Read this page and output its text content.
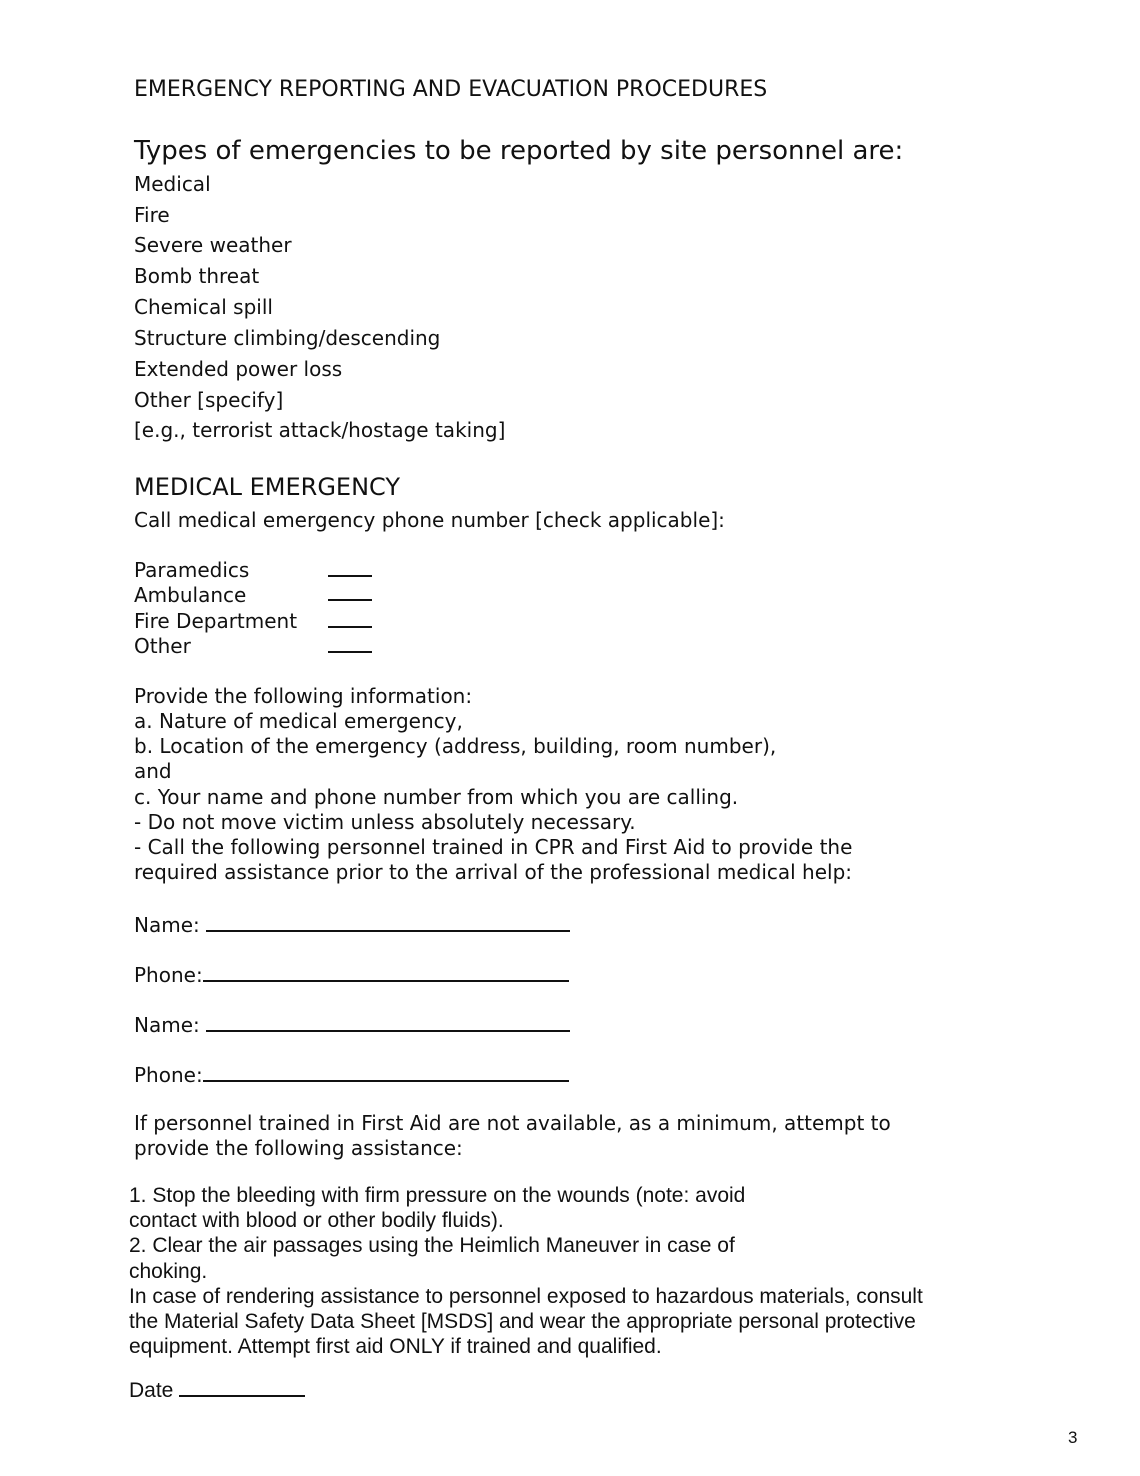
EMERGENCY REPORTING AND EVACUATION PROCEDURES
Types of emergencies to be reported by site personnel are:
Medical
Fire
Severe weather
Bomb threat
Chemical spill
Structure climbing/descending
Extended power loss
Other [specify]
[e.g., terrorist attack/hostage taking]
MEDICAL EMERGENCY
Call medical emergency phone number [check applicable]:
Paramedics
Ambulance
Fire Department
Other
Provide the following information:
a. Nature of medical emergency,
b. Location of the emergency (address, building, room number),
and
c. Your name and phone number from which you are calling.
- Do not move victim unless absolutely necessary.
- Call the following personnel trained in CPR and First Aid to provide the
required assistance prior to the arrival of the professional medical help:
Name:
Phone:
Name:
Phone:
If personnel trained in First Aid are not available, as a minimum, attempt to
provide the following assistance:
1. Stop the bleeding with firm pressure on the wounds (note: avoid
contact with blood or other bodily fluids).
2. Clear the air passages using the Heimlich Maneuver in case of
choking.
In case of rendering assistance to personnel exposed to hazardous materials, consult
the Material Safety Data Sheet [MSDS] and wear the appropriate personal protective
equipment. Attempt first aid ONLY if trained and qualified.
Date
3
